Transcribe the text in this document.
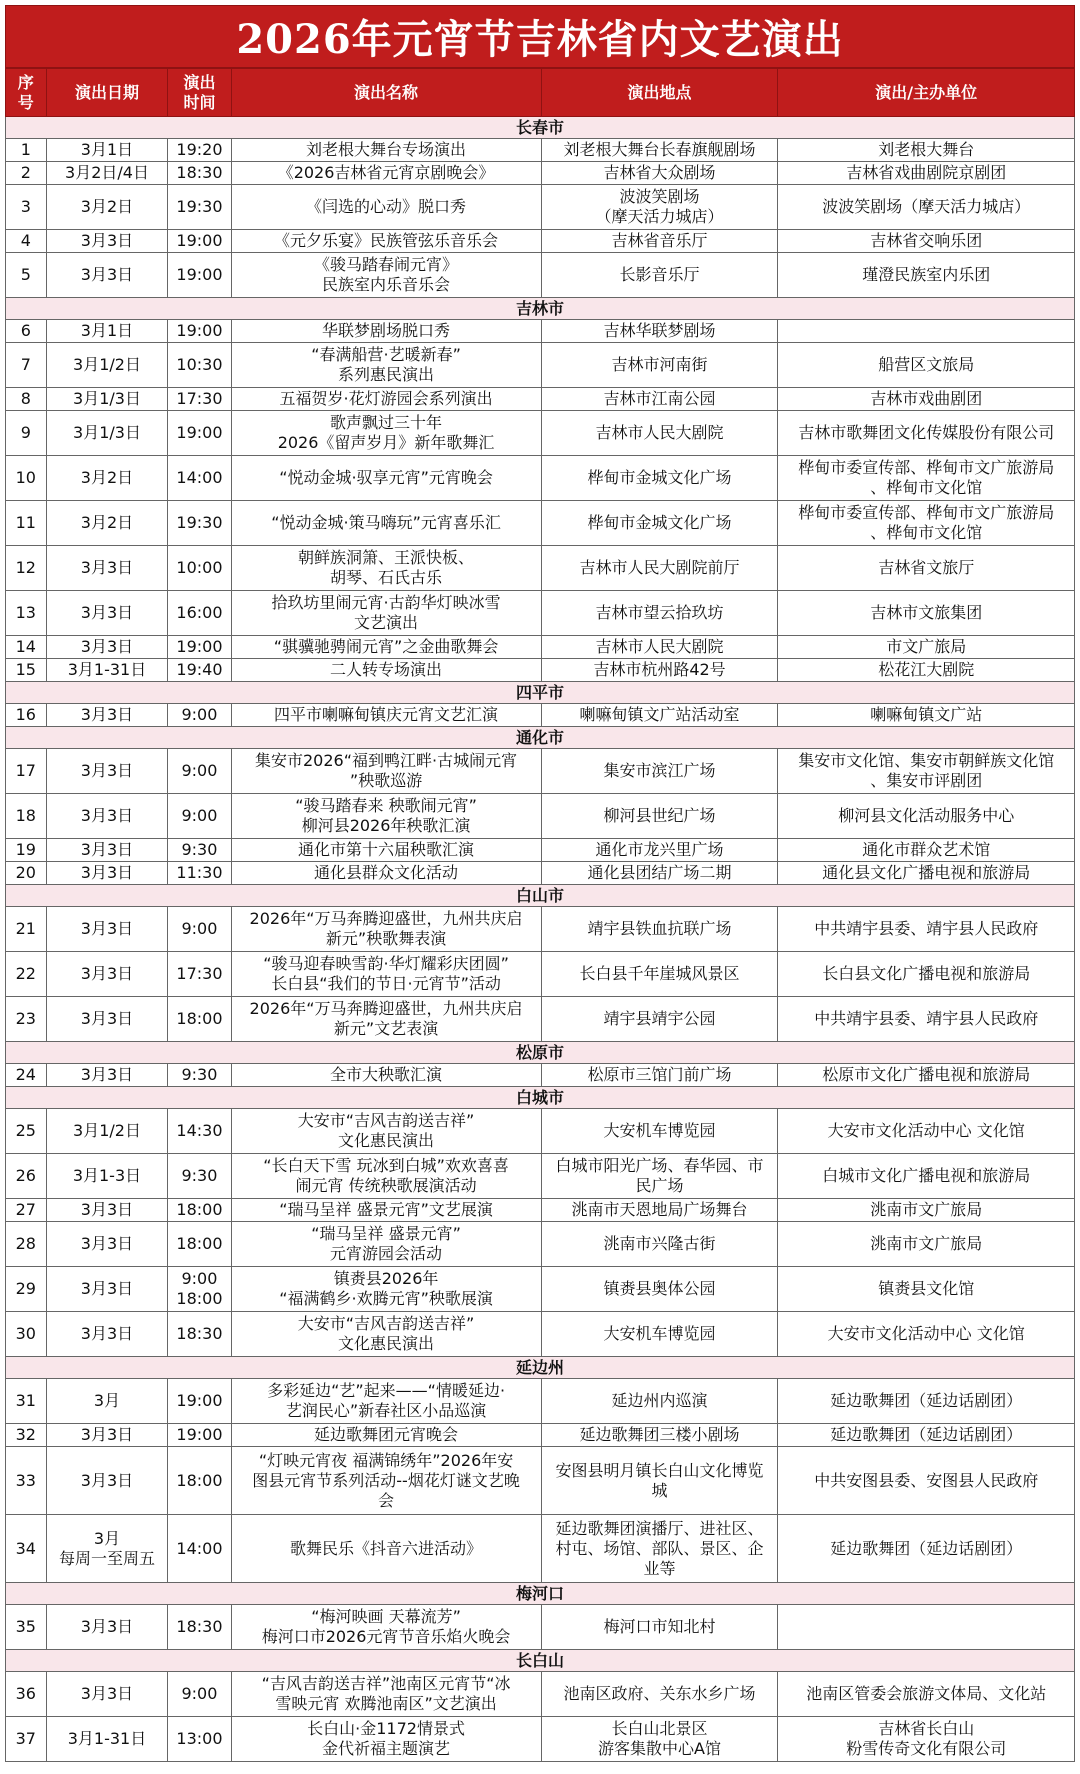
2026年元宵节吉林省内文艺演出
序
号	演出日期	演出
时间	演出名称	演出地点	演出/主办单位
长春市					
1	3月1日	19:20	刘老根大舞台专场演出	刘老根大舞台长春旗舰剧场	刘老根大舞台
2	3月2日/4日	18:30	《2026吉林省元宵京剧晚会》	吉林省大众剧场	吉林省戏曲剧院京剧团
3	3月2日	19:30	《闫选的心动》脱口秀	波波笑剧场
（摩天活力城店）	波波笑剧场（摩天活力城店）
4	3月3日	19:00	《元夕乐宴》民族管弦乐音乐会	吉林省音乐厅	吉林省交响乐团
5	3月3日	19:00	《骏马踏春闹元宵》
民族室内乐音乐会	长影音乐厅	瑾澄民族室内乐团
吉林市					
6	3月1日	19:00	华联梦剧场脱口秀	吉林华联梦剧场	
7	3月1/2日	10:30	“春满船营·艺暖新春”
系列惠民演出	吉林市河南街	船营区文旅局
8	3月1/3日	17:30	五福贺岁·花灯游园会系列演出	吉林市江南公园	吉林市戏曲剧团
9	3月1/3日	19:00	歌声飘过三十年
2026《留声岁月》新年歌舞汇	吉林市人民大剧院	吉林市歌舞团文化传媒股份有限公司
10	3月2日	14:00	“悦动金城·驭享元宵”元宵晚会	桦甸市金城文化广场	桦甸市委宣传部、桦甸市文广旅游局
、桦甸市文化馆
11	3月2日	19:30	“悦动金城·策马嗨玩”元宵喜乐汇	桦甸市金城文化广场	桦甸市委宣传部、桦甸市文广旅游局
、桦甸市文化馆
12	3月3日	10:00	朝鲜族洞箫、王派快板、
胡琴、石氏古乐	吉林市人民大剧院前厅	吉林省文旅厅
13	3月3日	16:00	拾玖坊里闹元宵·古韵华灯映冰雪
文艺演出	吉林市望云拾玖坊	吉林市文旅集团
14	3月3日	19:00	“骐骥驰骋闹元宵”之金曲歌舞会	吉林市人民大剧院	市文广旅局
15	3月1-31日	19:40	二人转专场演出	吉林市杭州路42号	松花江大剧院
四平市					
16	3月3日	9:00	四平市喇嘛甸镇庆元宵文艺汇演	喇嘛甸镇文广站活动室	喇嘛甸镇文广站
通化市					
17	3月3日	9:00	集安市2026“福到鸭江畔·古城闹元宵
”秧歌巡游	集安市滨江广场	集安市文化馆、集安市朝鲜族文化馆
、集安市评剧团
18	3月3日	9:00	“骏马踏春来 秧歌闹元宵”
柳河县2026年秧歌汇演	柳河县世纪广场	柳河县文化活动服务中心
19	3月3日	9:30	通化市第十六届秧歌汇演	通化市龙兴里广场	通化市群众艺术馆
20	3月3日	11:30	通化县群众文化活动	通化县团结广场二期	通化县文化广播电视和旅游局
白山市					
21	3月3日	9:00	2026年“万马奔腾迎盛世，九州共庆启
新元”秧歌舞表演	靖宇县铁血抗联广场	中共靖宇县委、靖宇县人民政府
22	3月3日	17:30	“骏马迎春映雪韵·华灯耀彩庆团圆”
长白县“我们的节日·元宵节”活动	长白县千年崖城风景区	长白县文化广播电视和旅游局
23	3月3日	18:00	2026年“万马奔腾迎盛世，九州共庆启
新元”文艺表演	靖宇县靖宇公园	中共靖宇县委、靖宇县人民政府
松原市					
24	3月3日	9:30	全市大秧歌汇演	松原市三馆门前广场	松原市文化广播电视和旅游局
白城市					
25	3月1/2日	14:30	大安市“吉风吉韵送吉祥”
文化惠民演出	大安机车博览园	大安市文化活动中心 文化馆
26	3月1-3日	9:30	“长白天下雪 玩冰到白城”欢欢喜喜
闹元宵 传统秧歌展演活动	白城市阳光广场、春华园、市
民广场	白城市文化广播电视和旅游局
27	3月3日	18:00	“瑞马呈祥 盛景元宵”文艺展演	洮南市天恩地局广场舞台	洮南市文广旅局
28	3月3日	18:00	“瑞马呈祥 盛景元宵”
元宵游园会活动	洮南市兴隆古街	洮南市文广旅局
29	3月3日	9:00
18:00	镇赉县2026年
“福满鹤乡·欢腾元宵”秧歌展演	镇赉县奥体公园	镇赉县文化馆
30	3月3日	18:30	大安市“吉风吉韵送吉祥”
文化惠民演出	大安机车博览园	大安市文化活动中心 文化馆
延边州					
31	3月	19:00	多彩延边“艺”起来——“情暖延边·
艺润民心”新春社区小品巡演	延边州内巡演	延边歌舞团（延边话剧团）
32	3月3日	19:00	延边歌舞团元宵晚会	延边歌舞团三楼小剧场	延边歌舞团（延边话剧团）
33	3月3日	18:00	“灯映元宵夜 福满锦绣年”2026年安
图县元宵节系列活动--烟花灯谜文艺晚
会	安图县明月镇长白山文化博览
城	中共安图县委、安图县人民政府
34	3月
每周一至周五	14:00	歌舞民乐《抖音六进活动》	延边歌舞团演播厅、进社区、
村屯、场馆、部队、景区、企
业等	延边歌舞团（延边话剧团）
梅河口					
35	3月3日	18:30	“梅河映画 天幕流芳”
梅河口市2026元宵节音乐焰火晚会	梅河口市知北村	
长白山					
36	3月3日	9:00	“吉风吉韵送吉祥”池南区元宵节“冰
雪映元宵 欢腾池南区”文艺演出	池南区政府、关东水乡广场	池南区管委会旅游文体局、文化站
37	3月1-31日	13:00	长白山·金1172情景式
金代祈福主题演艺	长白山北景区
游客集散中心A馆	吉林省长白山
粉雪传奇文化有限公司
